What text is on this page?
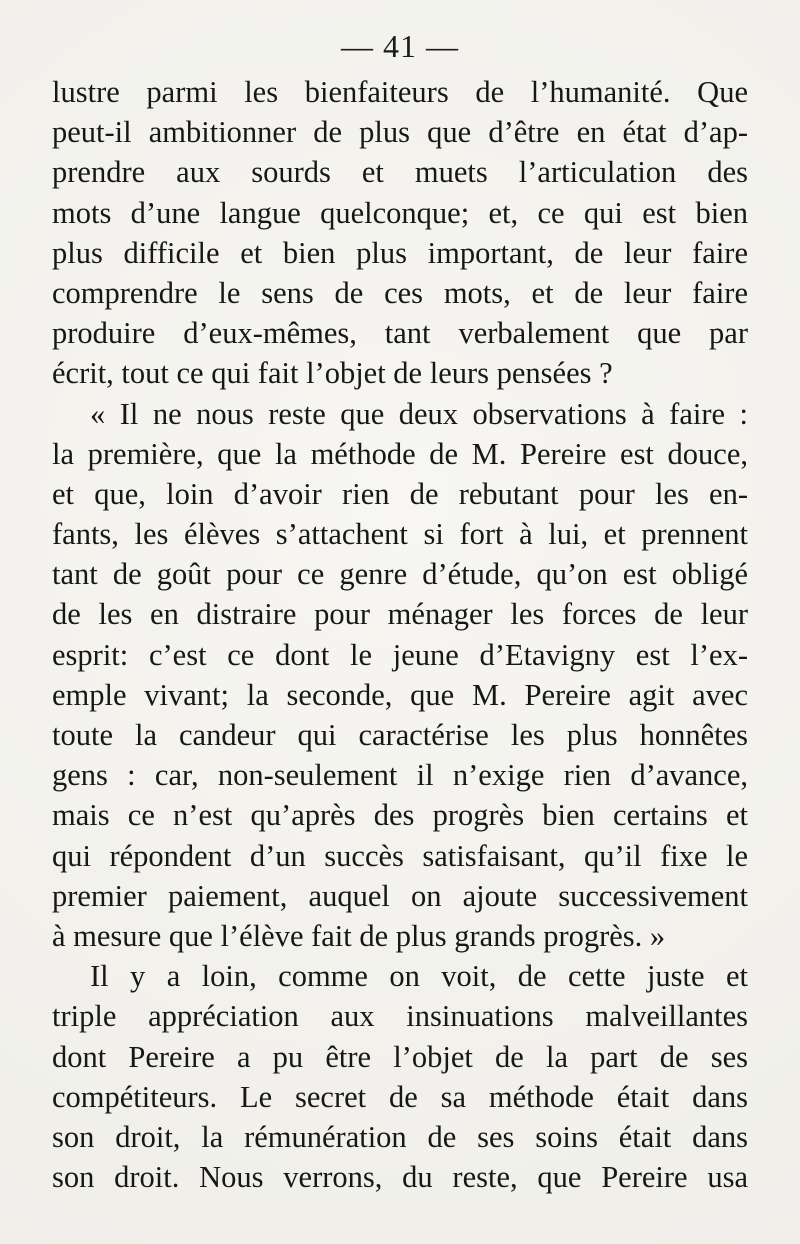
— 41 —
lustre parmi les bienfaiteurs de l’humanité. Que
peut-il ambitionner de plus que d’être en état d’ap-
prendre aux sourds et muets l’articulation des
mots d’une langue quelconque; et, ce qui est bien
plus difficile et bien plus important, de leur faire
comprendre le sens de ces mots, et de leur faire
produire d’eux-mêmes, tant verbalement que par
écrit, tout ce qui fait l’objet de leurs pensées ?
« Il ne nous reste que deux observations à faire :
la première, que la méthode de M. Pereire est douce,
et que, loin d’avoir rien de rebutant pour les en-
fants, les élèves s’attachent si fort à lui, et prennent
tant de goût pour ce genre d’étude, qu’on est obligé
de les en distraire pour ménager les forces de leur
esprit: c’est ce dont le jeune d’Etavigny est l’ex-
emple vivant; la seconde, que M. Pereire agit avec
toute la candeur qui caractérise les plus honnêtes
gens : car, non-seulement il n’exige rien d’avance,
mais ce n’est qu’après des progrès bien certains et
qui répondent d’un succès satisfaisant, qu’il fixe le
premier paiement, auquel on ajoute successivement
à mesure que l’élève fait de plus grands progrès. »
Il y a loin, comme on voit, de cette juste et
triple appréciation aux insinuations malveillantes
dont Pereire a pu être l’objet de la part de ses
compétiteurs. Le secret de sa méthode était dans
son droit, la rémunération de ses soins était dans
son droit. Nous verrons, du reste, que Pereire usa
